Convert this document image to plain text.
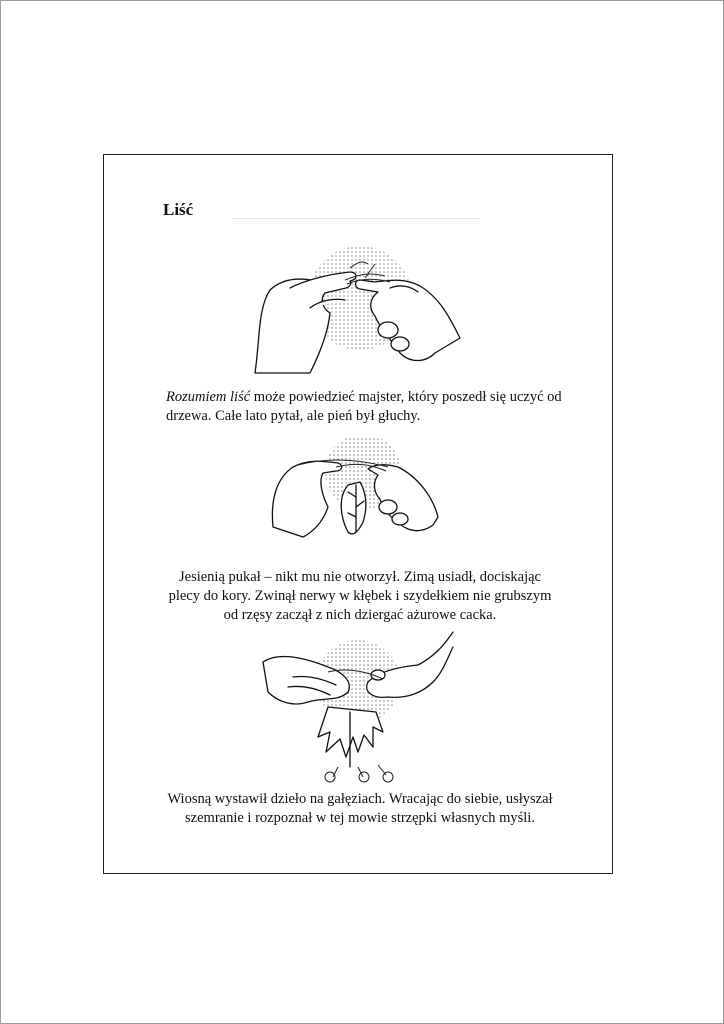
Liść

Rozumiem liść może powiedzieć majster, który poszedł się uczyć od
drzewa. Całe lato pytał, ale pień był głuchy.

Jesienią pukał – nikt mu nie otworzył. Zimą usiadł, dociskając
plecy do kory. Zwinął nerwy w kłębek i szydełkiem nie grubszym
od rzęsy zaczął z nich dziergać ażurowe cacka.

Wiosną wystawił dzieło na gałęziach. Wracając do siebie, usłyszał
szemranie i rozpoznał w tej mowie strzępki własnych myśli.
